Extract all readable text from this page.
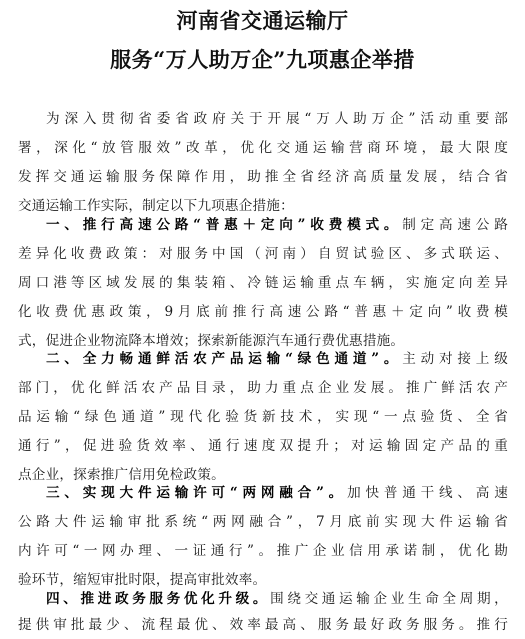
河南省交通运输厅
服务“万人助万企”九项惠企举措
为深入贯彻省委省政府关于开展“万人助万企”活动重要部
署，深化“放管服效”改革，优化交通运输营商环境，最大限度
发挥交通运输服务保障作用，助推全省经济高质量发展，结合省
交通运输工作实际，制定以下九项惠企措施：
一、推行高速公路“普惠＋定向”收费模式。制定高速公路
差异化收费政策：对服务中国（河南）自贸试验区、多式联运、
周口港等区域发展的集装箱、冷链运输重点车辆，实施定向差异
化收费优惠政策，9月底前推行高速公路“普惠＋定向”收费模
式，促进企业物流降本增效；探索新能源汽车通行费优惠措施。
二、全力畅通鲜活农产品运输“绿色通道”。主动对接上级
部门，优化鲜活农产品目录，助力重点企业发展。推广鲜活农产
品运输“绿色通道”现代化验货新技术，实现“一点验货、全省
通行”，促进验货效率、通行速度双提升；对运输固定产品的重
点企业，探索推广信用免检政策。
三、实现大件运输许可“两网融合”。加快普通干线、高速
公路大件运输审批系统“两网融合”，7月底前实现大件运输省
内许可“一网办理、一证通行”。推广企业信用承诺制，优化勘
验环节，缩短审批时限，提高审批效率。
四、推进政务服务优化升级。围绕交通运输企业生命全周期，
提供审批最少、流程最优、效率最高、服务最好政务服务。推行
